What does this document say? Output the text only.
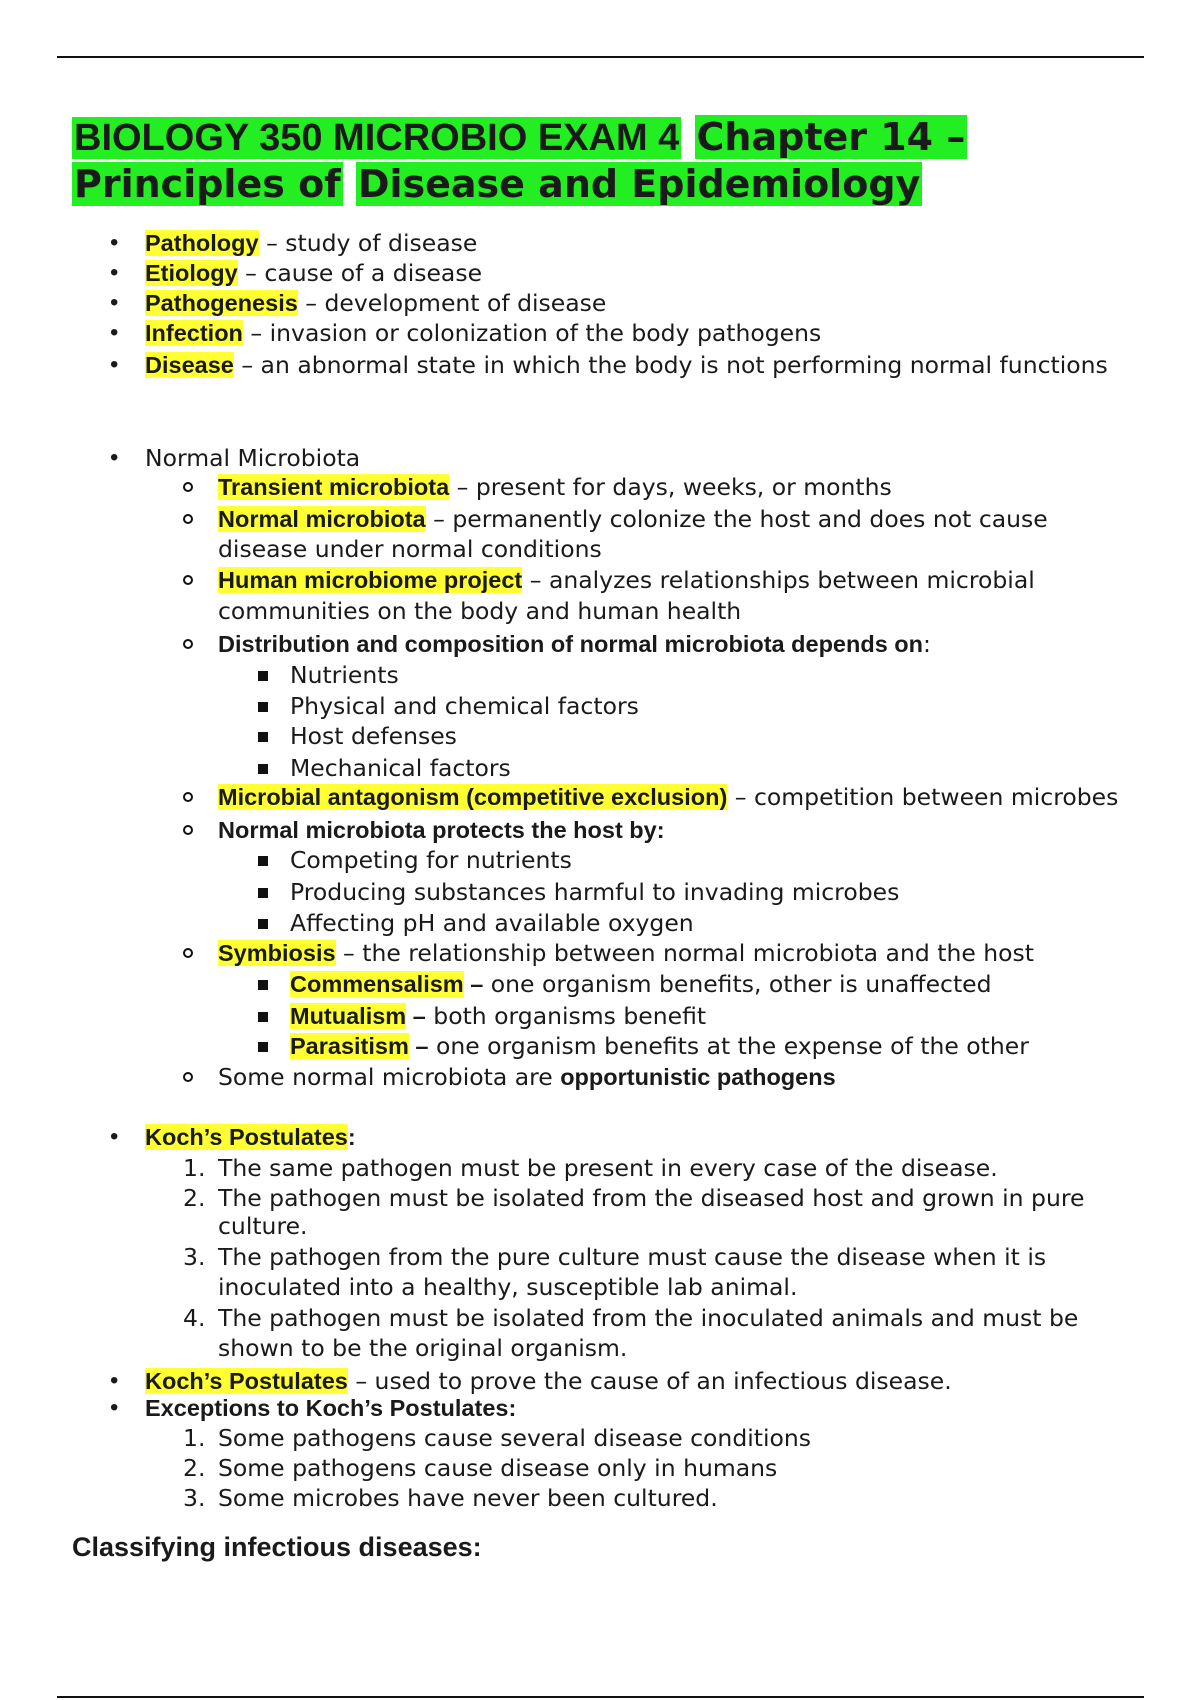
BIOLOGY 350 MICROBIO EXAM 4 Chapter 14 –
Principles of Disease and Epidemiology
• Pathology – study of disease
• Etiology – cause of a disease
• Pathogenesis – development of disease
• Infection – invasion or colonization of the body pathogens
• Disease – an abnormal state in which the body is not performing normal functions
• Normal Microbiota
Transient microbiota – present for days, weeks, or months
Normal microbiota – permanently colonize the host and does not cause
disease under normal conditions
Human microbiome project – analyzes relationships between microbial
communities on the body and human health
Distribution and composition of normal microbiota depends on:
Nutrients
Physical and chemical factors
Host defenses
Mechanical factors
Microbial antagonism (competitive exclusion) – competition between microbes
Normal microbiota protects the host by:
Competing for nutrients
Producing substances harmful to invading microbes
Affecting pH and available oxygen
Symbiosis – the relationship between normal microbiota and the host
Commensalism – one organism benefits, other is unaffected
Mutualism – both organisms benefit
Parasitism – one organism benefits at the expense of the other
Some normal microbiota are opportunistic pathogens
• Koch’s Postulates:
1. The same pathogen must be present in every case of the disease.
2. The pathogen must be isolated from the diseased host and grown in pure
culture.
3. The pathogen from the pure culture must cause the disease when it is
inoculated into a healthy, susceptible lab animal.
4. The pathogen must be isolated from the inoculated animals and must be
shown to be the original organism.
• Koch’s Postulates – used to prove the cause of an infectious disease.
• Exceptions to Koch’s Postulates:
1. Some pathogens cause several disease conditions
2. Some pathogens cause disease only in humans
3. Some microbes have never been cultured.
Classifying infectious diseases:
